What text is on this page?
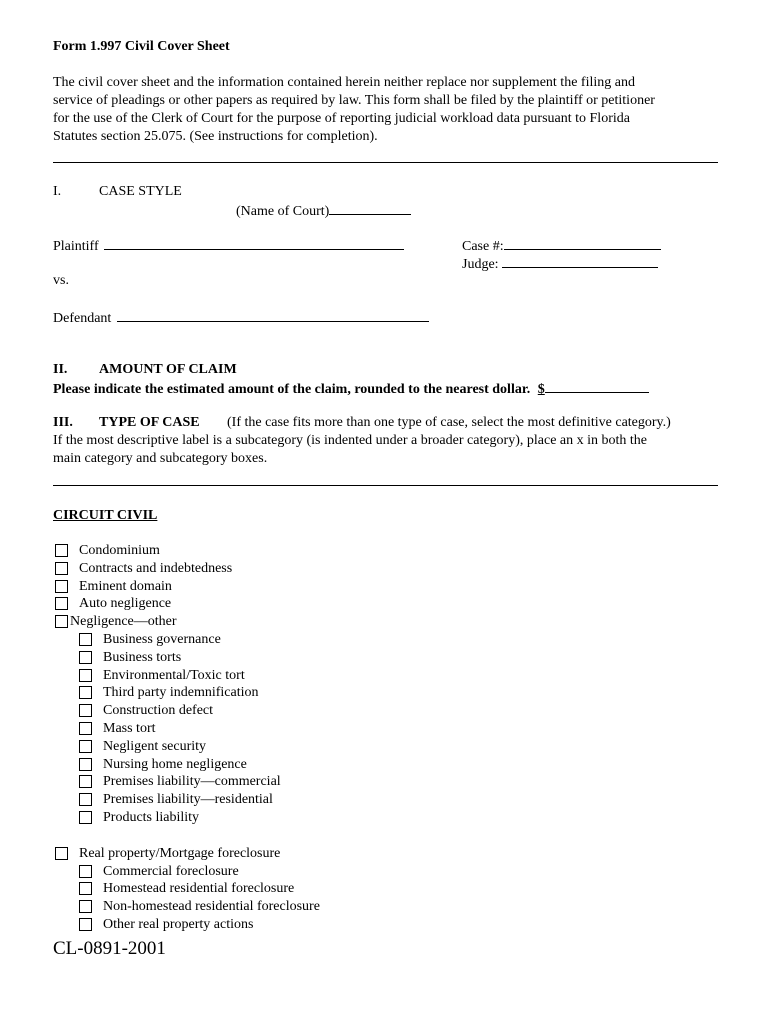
Form 1.997 Civil Cover Sheet
The civil cover sheet and the information contained herein neither replace nor supplement the filing and
service of pleadings or other papers as required by law. This form shall be filed by the plaintiff or petitioner
for the use of the Clerk of Court for the purpose of reporting judicial workload data pursuant to Florida
Statutes section 25.075. (See instructions for completion).
I.	CASE STYLE
(Name of Court)
Plaintiff	Case #:
Judge:
vs.
Defendant
II. AMOUNT OF CLAIM
Please indicate the estimated amount of the claim, rounded to the nearest dollar. $
III. TYPE OF CASE (If the case fits more than one type of case, select the most definitive category.)
If the most descriptive label is a subcategory (is indented under a broader category), place an x in both the
main category and subcategory boxes.
CIRCUIT CIVIL
Condominium
Contracts and indebtedness
Eminent domain
Auto negligence
Negligence—other
Business governance
Business torts
Environmental/Toxic tort
Third party indemnification
Construction defect
Mass tort
Negligent security
Nursing home negligence
Premises liability—commercial
Premises liability—residential
Products liability
Real property/Mortgage foreclosure
Commercial foreclosure
Homestead residential foreclosure
Non-homestead residential foreclosure
Other real property actions
CL-0891-2001
